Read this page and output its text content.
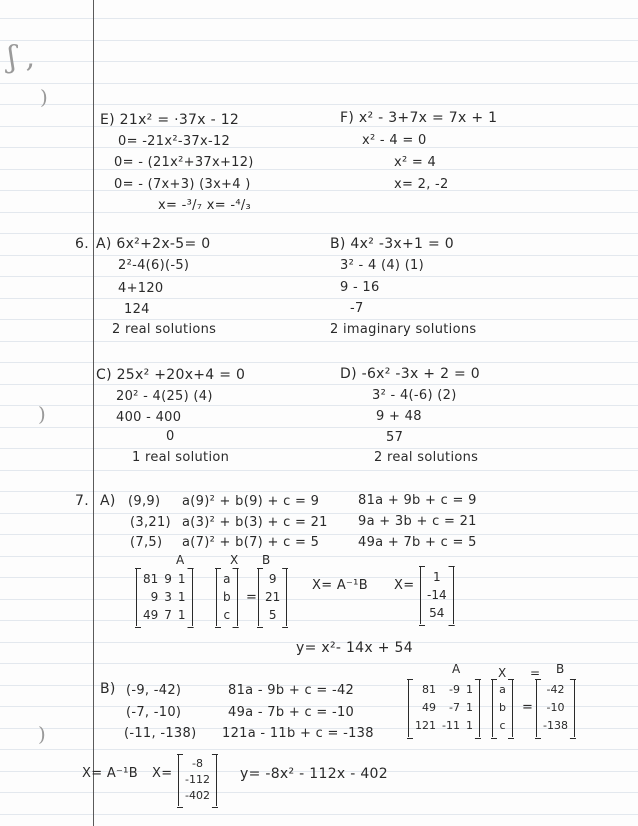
ʃ ,
)
)
)
E) 21x² = ·37x - 12
0= -21x²-37x-12
0= - (21x²+37x+12)
0= - (7x+3) (3x+4 )
x= -³/₇ x= -⁴/₃
F) x² - 3+7x = 7x + 1
x² - 4 = 0
x² = 4
x= 2, -2
6. A) 6x²+2x-5= 0
2²-4(6)(-5)
4+120
124
2 real solutions
B) 4x² -3x+1 = 0
3² - 4 (4) (1)
9 - 16
-7
2 imaginary solutions
C) 25x² +20x+4 = 0
20² - 4(25) (4)
400 - 400
0
1 real solution
D) -6x² -3x + 2 = 0
3² - 4(-6) (2)
9 + 48
57
2 real solutions
7. A) (9,9)
(3,21)
(7,5)
a(9)² + b(9) + c = 9
a(3)² + b(3) + c = 21
a(7)² + b(7) + c = 5
81a + 9b + c = 9
9a + 3b + c = 21
49a + 7b + c = 5
A	X B
81 9 1
9 3 1
49 7 1
a
b
c
=
9
21
5
X= A⁻¹B X=
1
-14
54
y= x²- 14x + 54
B) (-9, -42)
(-7, -10)
(-11, -138)
81a - 9b + c = -42
49a - 7b + c = -10
121a - 11b + c = -138
A	X = B
81	-9 1
49	-7 1
121 -11 1
a
b
c
=
-42
-10
-138
X= A⁻¹B X=
-8
-112
-402
y= -8x² - 112x - 402
